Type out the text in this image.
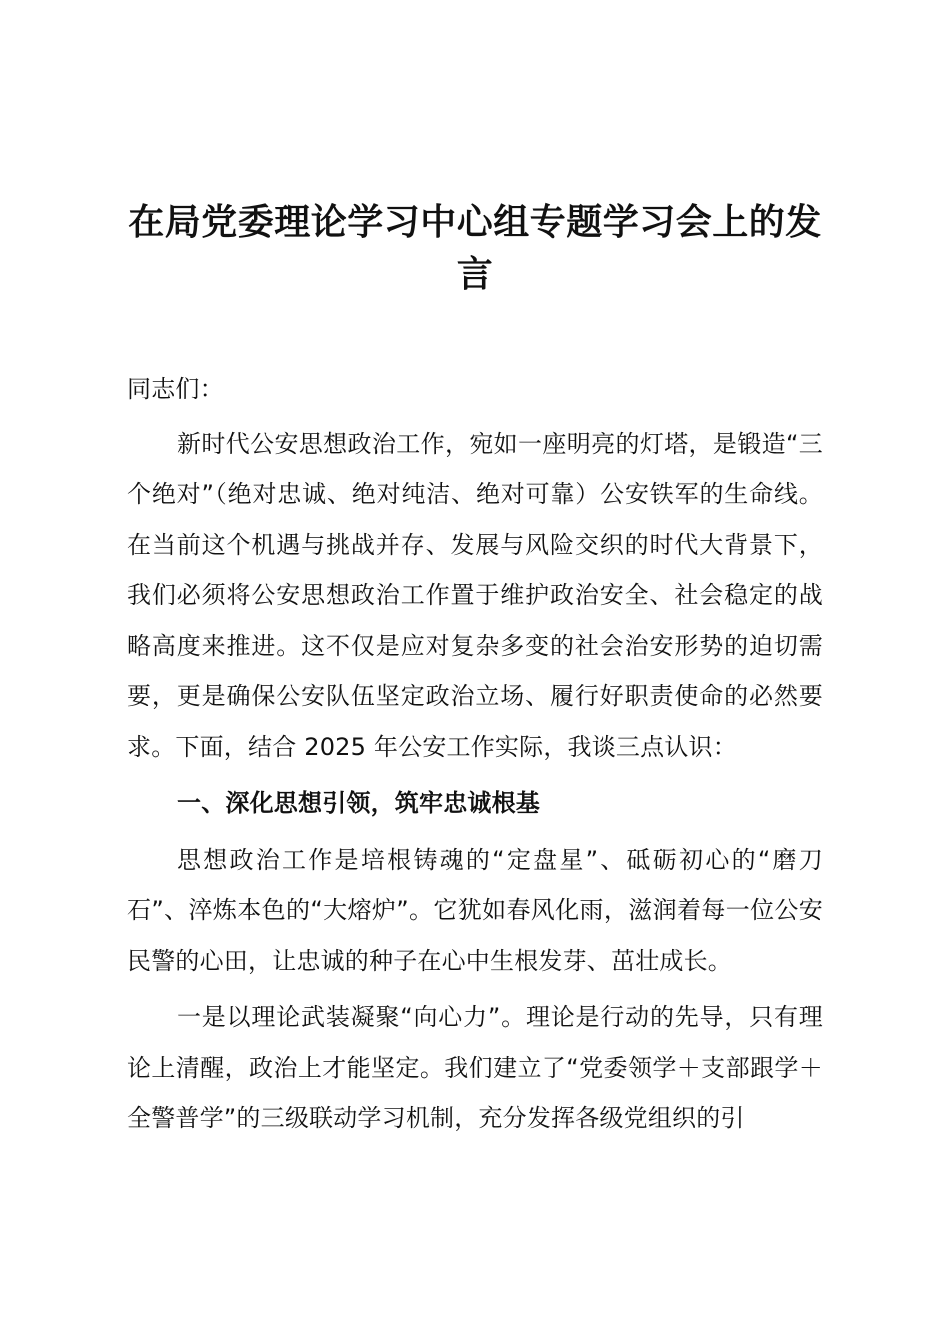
在局党委理论学习中心组专题学习会上的发言

同志们：

新时代公安思想政治工作，宛如一座明亮的灯塔，是锻造“三个绝对”（绝对忠诚、绝对纯洁、绝对可靠）公安铁军的生命线。在当前这个机遇与挑战并存、发展与风险交织的时代大背景下，我们必须将公安思想政治工作置于维护政治安全、社会稳定的战略高度来推进。这不仅是应对复杂多变的社会治安形势的迫切需要，更是确保公安队伍坚定政治立场、履行好职责使命的必然要求。下面，结合 2025 年公安工作实际，我谈三点认识：

一、深化思想引领，筑牢忠诚根基

思想政治工作是培根铸魂的“定盘星”、砥砺初心的“磨刀石”、淬炼本色的“大熔炉”。它犹如春风化雨，滋润着每一位公安民警的心田，让忠诚的种子在心中生根发芽、茁壮成长。

一是以理论武装凝聚“向心力”。理论是行动的先导，只有理论上清醒，政治上才能坚定。我们建立了“党委领学＋支部跟学＋全警普学”的三级联动学习机制，充分发挥各级党组织的引
